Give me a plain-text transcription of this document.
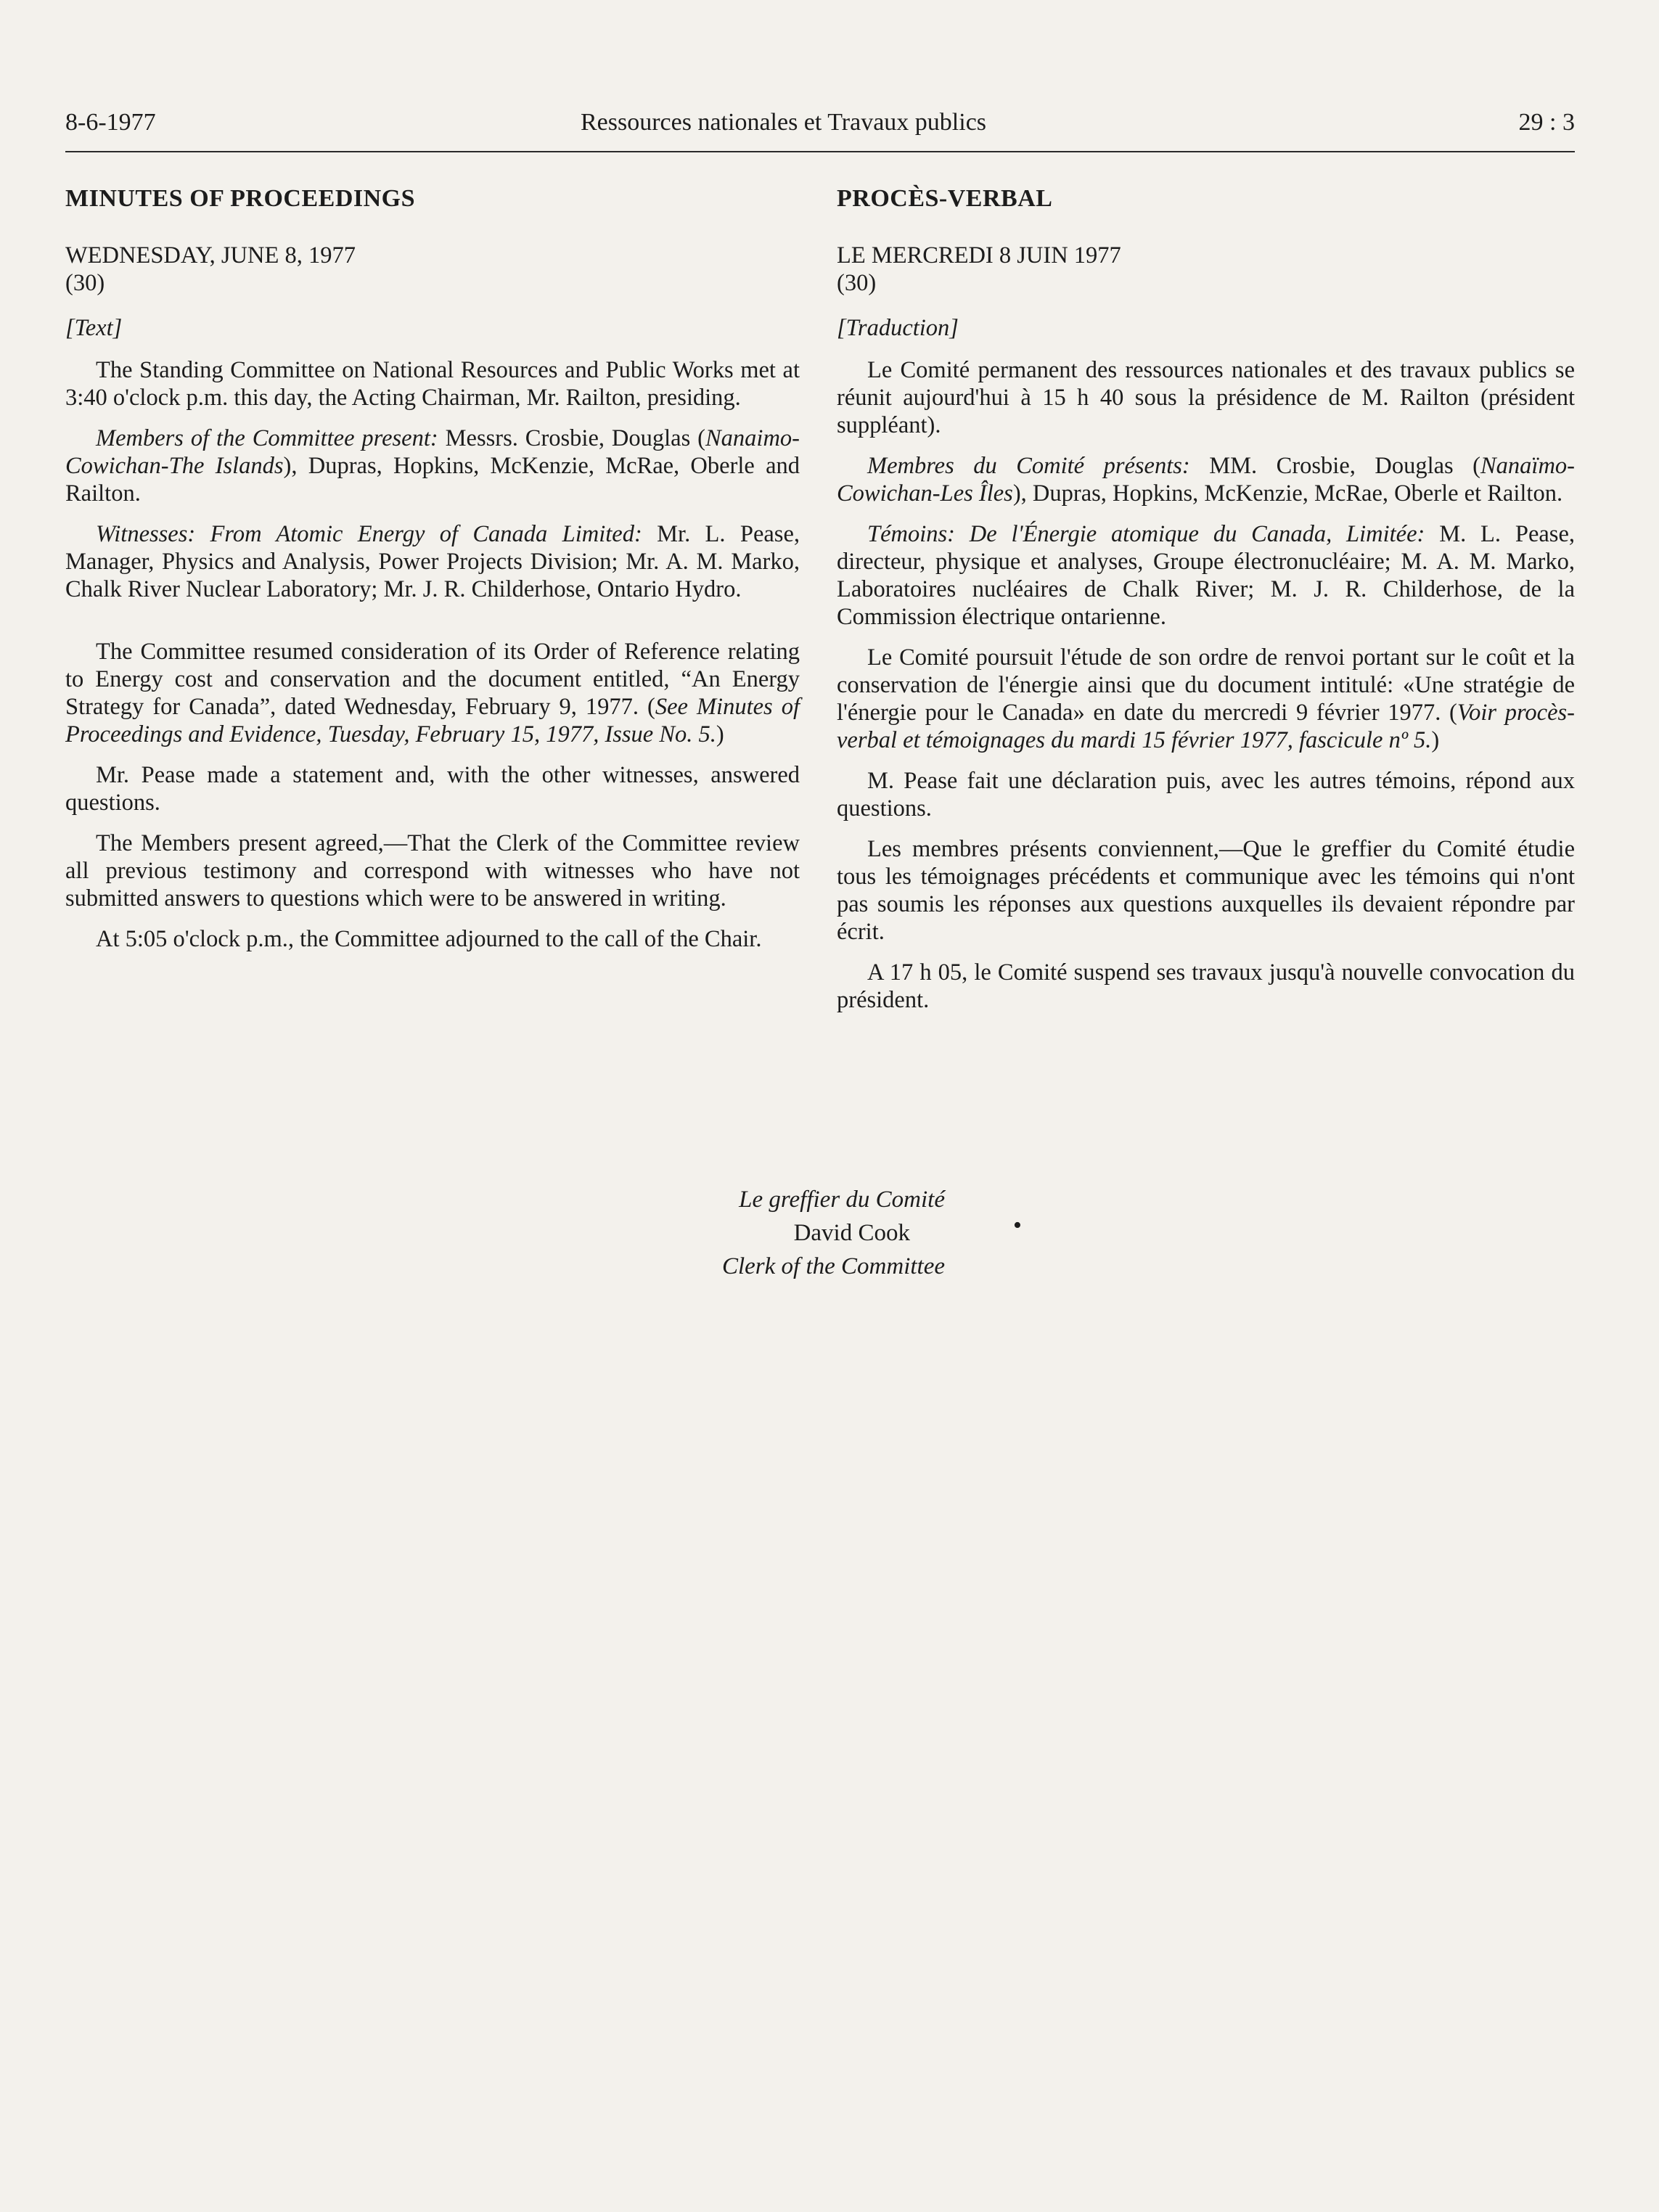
8-6-1977	Ressources nationales et Travaux publics	29 : 3
MINUTES OF PROCEEDINGS
WEDNESDAY, JUNE 8, 1977
(30)
[Text]

The Standing Committee on National Resources and Public Works met at 3:40 o'clock p.m. this day, the Acting Chairman, Mr. Railton, presiding.

Members of the Committee present: Messrs. Crosbie, Douglas (Nanaimo-Cowichan-The Islands), Dupras, Hopkins, McKenzie, McRae, Oberle and Railton.

Witnesses: From Atomic Energy of Canada Limited: Mr. L. Pease, Manager, Physics and Analysis, Power Projects Division; Mr. A. M. Marko, Chalk River Nuclear Laboratory; Mr. J. R. Childerhose, Ontario Hydro.

The Committee resumed consideration of its Order of Reference relating to Energy cost and conservation and the document entitled, “An Energy Strategy for Canada”, dated Wednesday, February 9, 1977. (See Minutes of Proceedings and Evidence, Tuesday, February 15, 1977, Issue No. 5.)

Mr. Pease made a statement and, with the other witnesses, answered questions.

The Members present agreed,—That the Clerk of the Committee review all previous testimony and correspond with witnesses who have not submitted answers to questions which were to be answered in writing.

At 5:05 o'clock p.m., the Committee adjourned to the call of the Chair.

PROCÈS-VERBAL
LE MERCREDI 8 JUIN 1977
(30)
[Traduction]

Le Comité permanent des ressources nationales et des travaux publics se réunit aujourd'hui à 15 h 40 sous la présidence de M. Railton (président suppléant).

Membres du Comité présents: MM. Crosbie, Douglas (Nanaïmo-Cowichan-Les Îles), Dupras, Hopkins, McKenzie, McRae, Oberle et Railton.

Témoins: De l'Énergie atomique du Canada, Limitée: M. L. Pease, directeur, physique et analyses, Groupe électronucléaire; M. A. M. Marko, Laboratoires nucléaires de Chalk River; M. J. R. Childerhose, de la Commission électrique ontarienne.

Le Comité poursuit l'étude de son ordre de renvoi portant sur le coût et la conservation de l'énergie ainsi que du document intitulé: «Une stratégie de l'énergie pour le Canada» en date du mercredi 9 février 1977. (Voir procès-verbal et témoignages du mardi 15 février 1977, fascicule nº 5.)

M. Pease fait une déclaration puis, avec les autres témoins, répond aux questions.

Les membres présents conviennent,—Que le greffier du Comité étudie tous les témoignages précédents et communique avec les témoins qui n'ont pas soumis les réponses aux questions auxquelles ils devaient répondre par écrit.

A 17 h 05, le Comité suspend ses travaux jusqu'à nouvelle convocation du président.

•
Le greffier du Comité
David Cook
Clerk of the Committee
